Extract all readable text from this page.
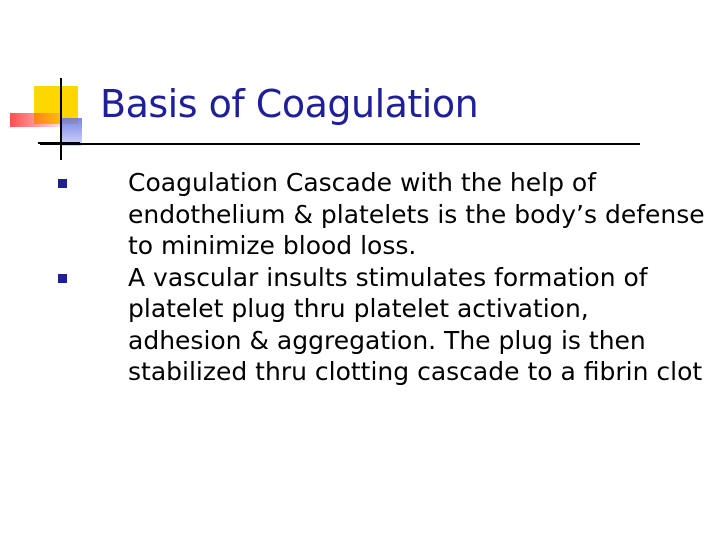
Basis of Coagulation
Coagulation Cascade with the help of endothelium & platelets is the body’s defense to minimize blood loss.
A vascular insults stimulates formation of platelet plug thru platelet activation, adhesion & aggregation. The plug is then stabilized thru clotting cascade to a fibrin clot
